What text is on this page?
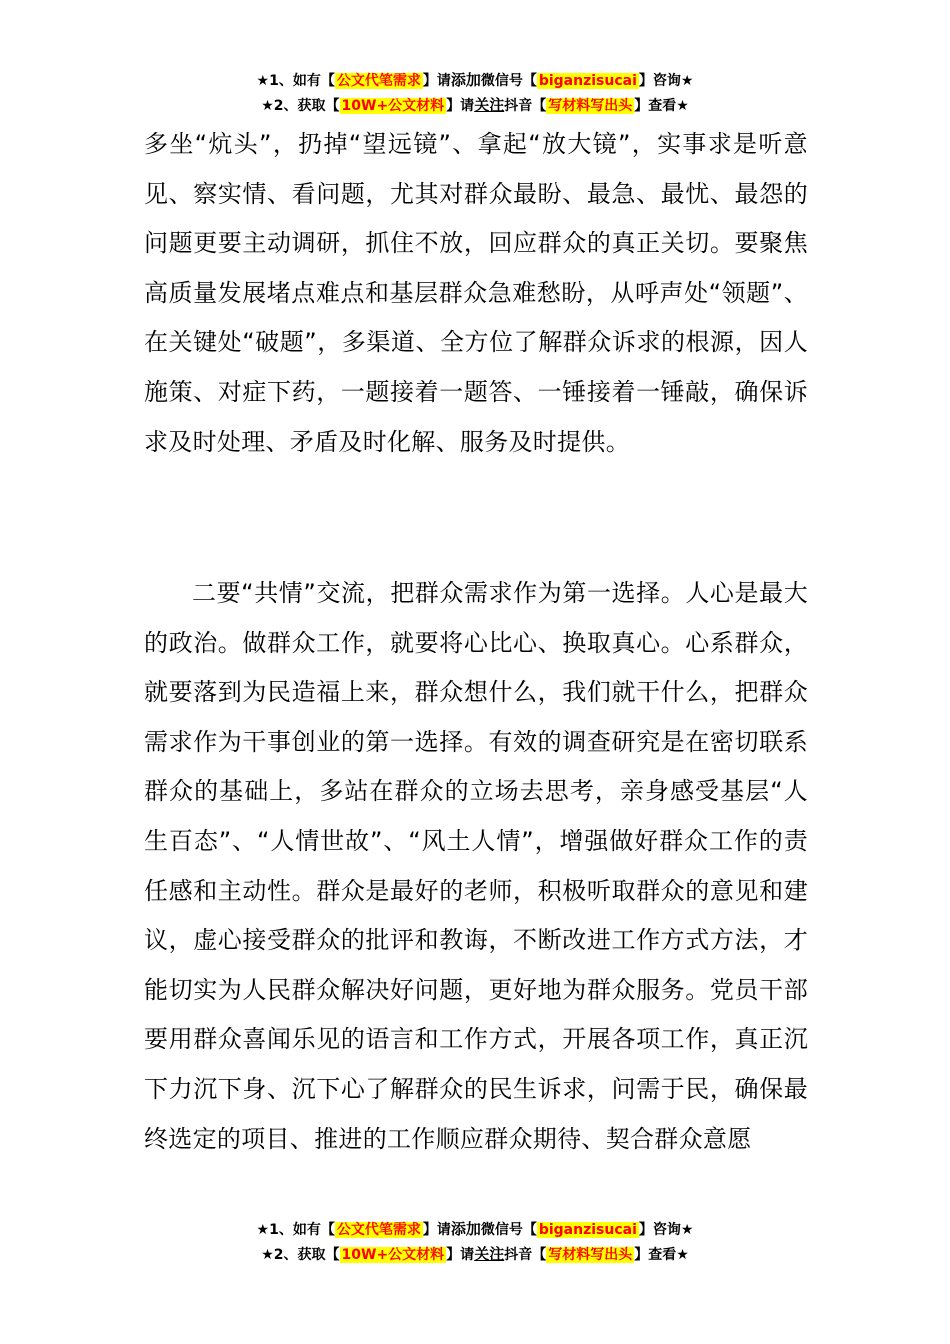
★1、如有【 公文代笔需求 】请添加微信号【 biganzisucai 】咨询★
★2、获取【 10W+公文材料 】请关注抖音【 写材料写出头 】查看★
多坐“炕头”，扔掉“望远镜”、拿起“放大镜”，实事求是听意见、察实情、看问题，尤其对群众最盼、最急、最忧、最怨的问题更要主动调研，抓住不放，回应群众的真正关切。要聚焦高质量发展堵点难点和基层群众急难愁盼，从呼声处“领题”、在关键处“破题”，多渠道、全方位了解群众诉求的根源，因人施策、对症下药，一题接着一题答、一锤接着一锤敲，确保诉求及时处理、矛盾及时化解、服务及时提供。
二要“共情”交流，把群众需求作为第一选择。人心是最大的政治。做群众工作，就要将心比心、换取真心。心系群众，就要落到为民造福上来，群众想什么，我们就干什么，把群众需求作为干事创业的第一选择。有效的调查研究是在密切联系群众的基础上，多站在群众的立场去思考，亲身感受基层“人生百态”、“人情世故”、“风土人情”，增强做好群众工作的责任感和主动性。群众是最好的老师，积极听取群众的意见和建议，虚心接受群众的批评和教诲，不断改进工作方式方法，才能切实为人民群众解决好问题，更好地为群众服务。党员干部要用群众喜闻乐见的语言和工作方式，开展各项工作，真正沉下力沉下身、沉下心了解群众的民生诉求，问需于民，确保最终选定的项目、推进的工作顺应群众期待、契合群众意愿
★1、如有【 公文代笔需求 】请添加微信号【 biganzisucai 】咨询★
★2、获取【 10W+公文材料 】请关注抖音【 写材料写出头 】查看★
